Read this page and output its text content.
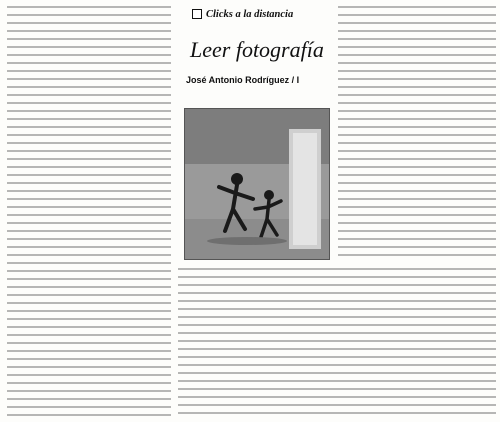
Clicks a la distancia
Leer fotografía
José Antonio Rodríguez / I
